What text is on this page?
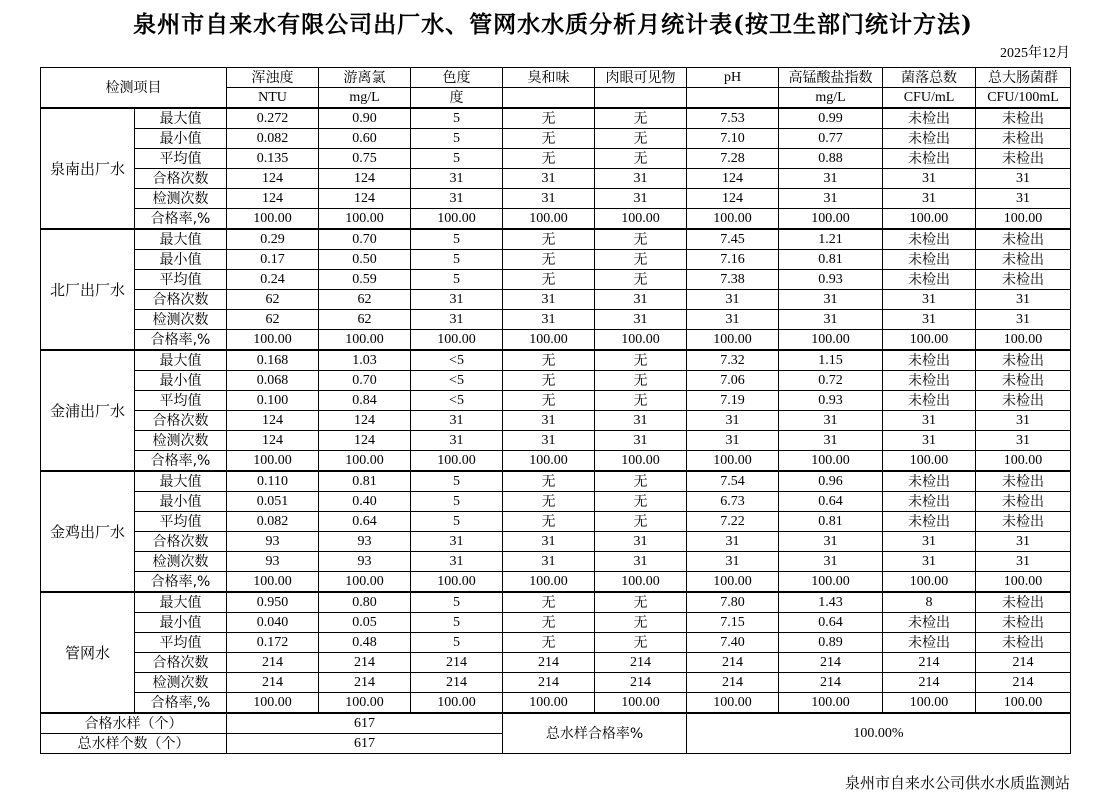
泉州市自来水有限公司出厂水、管网水水质分析月统计表(按卫生部门统计方法)
2025年12月
检测项目		浑浊度	游离氯	色度	臭和味	肉眼可见物	pH	高锰酸盐指数	菌落总数	总大肠菌群
		NTU	mg/L	度				mg/L	CFU/mL	CFU/100mL
泉南出厂水	最大值	0.272	0.90	5	无	无	7.53	0.99	未检出	未检出
	最小值	0.082	0.60	5	无	无	7.10	0.77	未检出	未检出
	平均值	0.135	0.75	5	无	无	7.28	0.88	未检出	未检出
	合格次数	124	124	31	31	31	124	31	31	31
	检测次数	124	124	31	31	31	124	31	31	31
	合格率,%	100.00	100.00	100.00	100.00	100.00	100.00	100.00	100.00	100.00
北厂出厂水	最大值	0.29	0.70	5	无	无	7.45	1.21	未检出	未检出
	最小值	0.17	0.50	5	无	无	7.16	0.81	未检出	未检出
	平均值	0.24	0.59	5	无	无	7.38	0.93	未检出	未检出
	合格次数	62	62	31	31	31	31	31	31	31
	检测次数	62	62	31	31	31	31	31	31	31
	合格率,%	100.00	100.00	100.00	100.00	100.00	100.00	100.00	100.00	100.00
金浦出厂水	最大值	0.168	1.03	<5	无	无	7.32	1.15	未检出	未检出
	最小值	0.068	0.70	<5	无	无	7.06	0.72	未检出	未检出
	平均值	0.100	0.84	<5	无	无	7.19	0.93	未检出	未检出
	合格次数	124	124	31	31	31	31	31	31	31
	检测次数	124	124	31	31	31	31	31	31	31
	合格率,%	100.00	100.00	100.00	100.00	100.00	100.00	100.00	100.00	100.00
金鸡出厂水	最大值	0.110	0.81	5	无	无	7.54	0.96	未检出	未检出
	最小值	0.051	0.40	5	无	无	6.73	0.64	未检出	未检出
	平均值	0.082	0.64	5	无	无	7.22	0.81	未检出	未检出
	合格次数	93	93	31	31	31	31	31	31	31
	检测次数	93	93	31	31	31	31	31	31	31
	合格率,%	100.00	100.00	100.00	100.00	100.00	100.00	100.00	100.00	100.00
管网水	最大值	0.950	0.80	5	无	无	7.80	1.43	8	未检出
	最小值	0.040	0.05	5	无	无	7.15	0.64	未检出	未检出
	平均值	0.172	0.48	5	无	无	7.40	0.89	未检出	未检出
	合格次数	214	214	214	214	214	214	214	214	214
	检测次数	214	214	214	214	214	214	214	214	214
	合格率,%	100.00	100.00	100.00	100.00	100.00	100.00	100.00	100.00	100.00
合格水样（个）		617			总水样合格率%		100.00%			
总水样个数（个）		617								
泉州市自来水公司供水水质监测站
